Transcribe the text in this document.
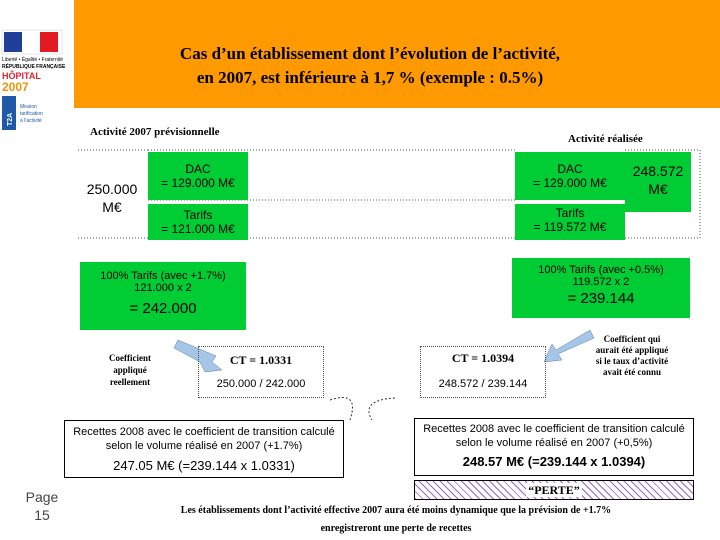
Liberté • Égalité • Fraternité
RÉPUBLIQUE FRANÇAISE
HÔPITAL
2007
T2A
Mission
tarification
à l'activité
Cas d’un établissement dont l’évolution de l’activité,
en 2007, est inférieure à 1,7 % (exemple : 0.5%)
Activité 2007 prévisionnelle
Activité réalisée
250.000
M€
DAC
= 129.000 M€
Tarifs
= 121.000 M€
DAC
= 129.000 M€
Tarifs
= 119.572 M€
248.572
M€
100% Tarifs (avec +1.7%)
121.000 x 2
= 242.000
100% Tarifs (avec +0.5%)
119.572 x 2
= 239.144
Coefficient appliqué reellement
CT = 1.0331
250.000 / 242.000
CT = 1.0394
248.572 / 239.144
Coefficient qui aurait été appliqué si le taux d’activité avait été connu
Recettes 2008 avec le coefficient de transition calculé selon le volume réalisé en 2007 (+1.7%)
247.05 M€ (=239.144 x 1.0331)
Recettes 2008 avec le coefficient de transition calculé selon le volume réalisé en 2007 (+0,5%)
248.57 M€ (=239.144 x 1.0394)
“PERTE”
Page
15	Les établissements dont l’activité effective 2007 aura été moins dynamique que la prévision de +1.7%
enregistreront une perte de recettes
